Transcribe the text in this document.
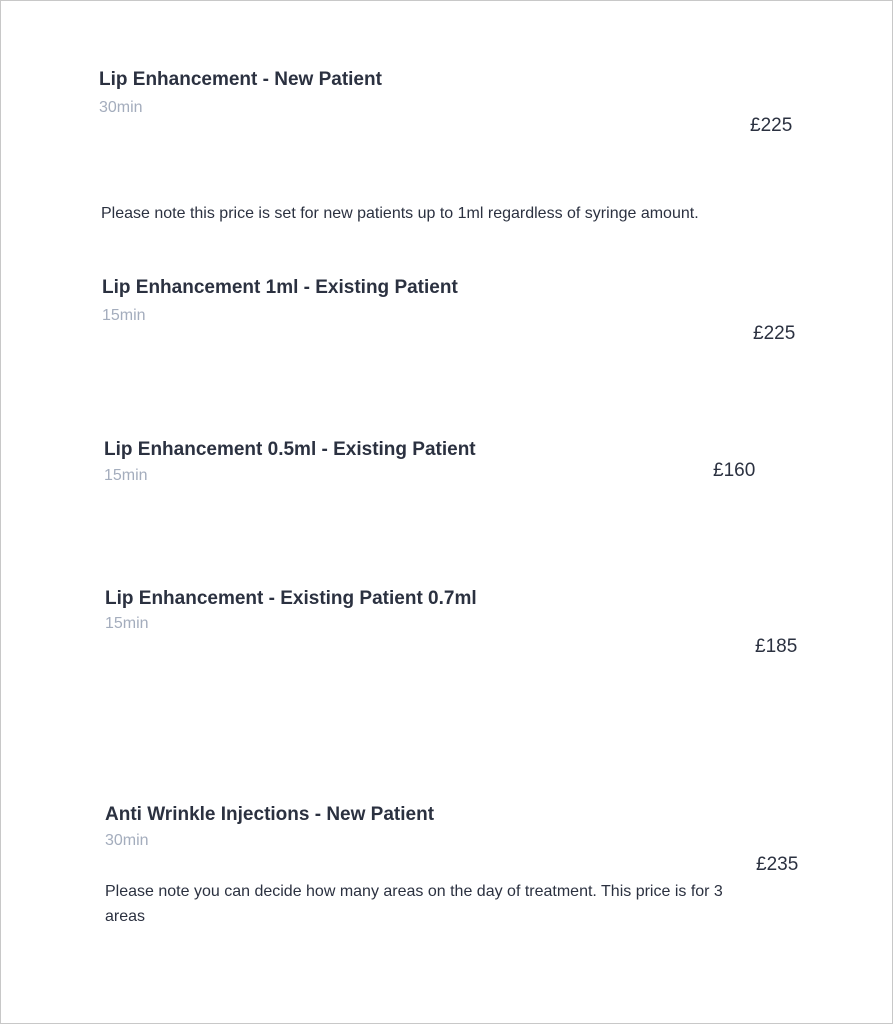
Lip Enhancement - New Patient
30min
£225
Please note this price is set for new patients up to 1ml regardless of syringe amount.
Lip Enhancement 1ml - Existing Patient
15min
£225
Lip Enhancement 0.5ml - Existing Patient
15min	£160
Lip Enhancement - Existing Patient 0.7ml
15min
£185
Anti Wrinkle Injections - New Patient
30min
£235
Please note you can decide how many areas on the day of treatment. This price is for 3
areas
